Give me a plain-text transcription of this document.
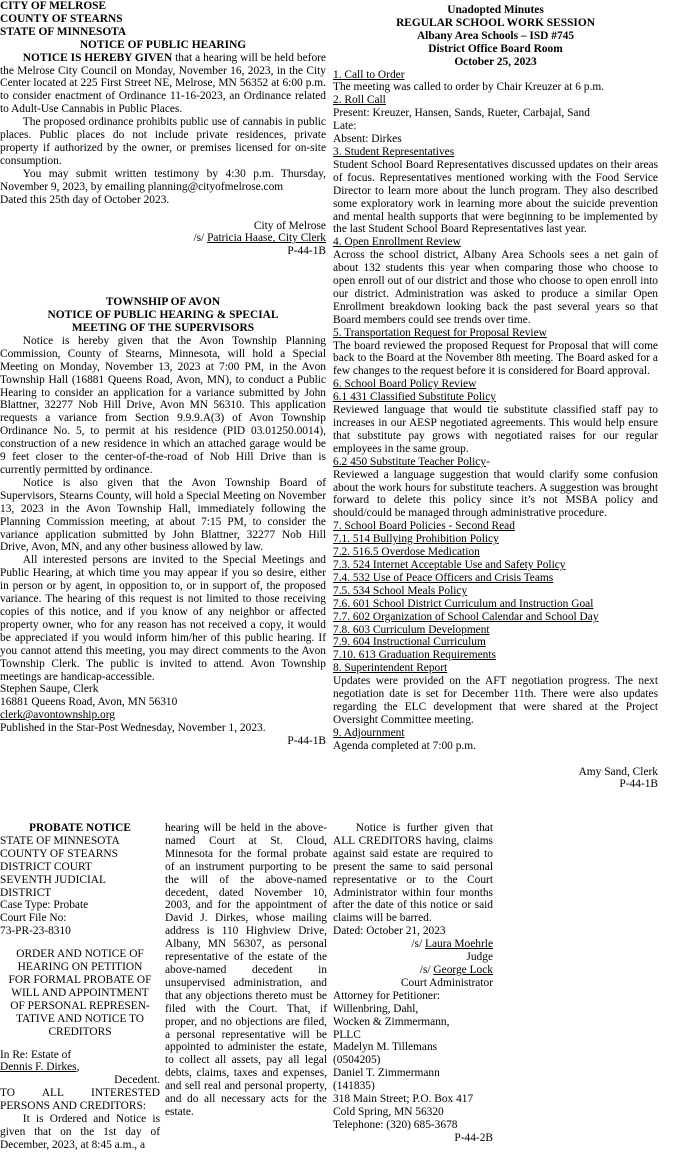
CITY OF MELROSE
COUNTY OF STEARNS
STATE OF MINNESOTA
NOTICE OF PUBLIC HEARING

NOTICE IS HEREBY GIVEN that a hearing will be held before the Melrose City Council on Monday, November 16, 2023, in the City Center located at 225 First Street NE, Melrose, MN 56352 at 6:00 p.m. to consider enactment of Ordinance 11-16-2023, an Ordinance related to Adult-Use Cannabis in Public Places.

The proposed ordinance prohibits public use of cannabis in public places. Public places do not include private residences, private property if authorized by the owner, or premises licensed for on-site consumption.

You may submit written testimony by 4:30 p.m. Thursday, November 9, 2023, by emailing planning@cityofmelrose.com

Dated this 25th day of October 2023.
City of Melrose
/s/ Patricia Haase, City Clerk
P-44-1B
TOWNSHIP OF AVON
NOTICE OF PUBLIC HEARING & SPECIAL
MEETING OF THE SUPERVISORS

Notice is hereby given that the Avon Township Planning Commission, County of Stearns, Minnesota, will hold a Special Meeting on Monday, November 13, 2023 at 7:00 PM, in the Avon Township Hall (16881 Queens Road, Avon, MN), to conduct a Public Hearing to consider an application for a variance submitted by John Blattner, 32277 Nob Hill Drive, Avon MN 56310. This application requests a variance from Section 9.9.9.A(3) of Avon Township Ordinance No. 5, to permit at his residence (PID 03.01250.0014), construction of a new residence in which an attached garage would be 9 feet closer to the center-of-the-road of Nob Hill Drive than is currently permitted by ordinance.

Notice is also given that the Avon Township Board of Supervisors, Stearns County, will hold a Special Meeting on November 13, 2023 in the Avon Township Hall, immediately following the Planning Commission meeting, at about 7:15 PM, to consider the variance application submitted by John Blattner, 32277 Nob Hill Drive, Avon, MN, and any other business allowed by law.

All interested persons are invited to the Special Meetings and Public Hearing, at which time you may appear if you so desire, either in person or by agent, in opposition to, or in support of, the proposed variance. The hearing of this request is not limited to those receiving copies of this notice, and if you know of any neighbor or affected property owner, who for any reason has not received a copy, it would be appreciated if you would inform him/her of this public hearing. If you cannot attend this meeting, you may direct comments to the Avon Township Clerk. The public is invited to attend. Avon Township meetings are handicap-accessible.

Stephen Saupe, Clerk
16881 Queens Road, Avon, MN 56310
clerk@avontownship.org
Published in the Star-Post Wednesday, November 1, 2023.
P-44-1B
Unadopted Minutes
REGULAR SCHOOL WORK SESSION
Albany Area Schools – ISD #745
District Office Board Room
October 25, 2023
1. Call to Order
The meeting was called to order by Chair Kreuzer at 6 p.m.
2. Roll Call
Present: Kreuzer, Hansen, Sands, Rueter, Carbajal, Sand
Late:
Absent: Dirkes
3. Student Representatives

Student School Board Representatives discussed updates on their areas of focus. Representatives mentioned working with the Food Service Director to learn more about the lunch program. They also described some exploratory work in learning more about the suicide prevention and mental health supports that were beginning to be implemented by the last Student School Board Representatives last year.

4. Open Enrollment Review

Across the school district, Albany Area Schools sees a net gain of about 132 students this year when comparing those who choose to open enroll out of our district and those who choose to open enroll into our district. Administration was asked to produce a similar Open Enrollment breakdown looking back the past several years so that Board members could see trends over time.

5. Transportation Request for Proposal Review

The board reviewed the proposed Request for Proposal that will come back to the Board at the November 8th meeting. The Board asked for a few changes to the request before it is considered for Board approval.

6. School Board Policy Review
6.1 431 Classified Substitute Policy

Reviewed language that would tie substitute classified staff pay to increases in our AESP negotiated agreements. This would help ensure that substitute pay grows with negotiated raises for our regular employees in the same group.

6.2 450 Substitute Teacher Policy-

Reviewed a language suggestion that would clarify some confusion about the work hours for substitute teachers. A suggestion was brought forward to delete this policy since it’s not MSBA policy and should/could be managed through administrative procedure.

7. School Board Policies - Second Read
7.1. 514 Bullying Prohibition Policy
7.2. 516.5 Overdose Medication
7.3. 524 Internet Acceptable Use and Safety Policy
7.4. 532 Use of Peace Officers and Crisis Teams
7.5. 534 School Meals Policy
7.6. 601 School District Curriculum and Instruction Goal
7.7. 602 Organization of School Calendar and School Day
7.8. 603 Curriculum Development
7.9. 604 Instructional Curriculum
7.10. 613 Graduation Requirements
8. Superintendent Report

Updates were provided on the AFT negotiation progress. The next negotiation date is set for December 11th. There were also updates regarding the ELC development that were shared at the Project Oversight Committee meeting.

9. Adjournment
Agenda completed at 7:00 p.m.
Amy Sand, Clerk
P-44-1B
PROBATE NOTICE
STATE OF MINNESOTA
COUNTY OF STEARNS
DISTRICT COURT
SEVENTH JUDICIAL
DISTRICT
Case Type: Probate
Court File No:
73-PR-23-8310
ORDER AND NOTICE OF
HEARING ON PETITION
FOR FORMAL PROBATE OF
WILL AND APPOINTMENT
OF PERSONAL REPRESEN-
TATIVE AND NOTICE TO
CREDITORS
In Re: Estate of
Dennis F. Dirkes,
Decedent.

TO ALL INTERESTED PERSONS AND CREDITORS:

It is Ordered and Notice is given that on the 1st day of December, 2023, at 8:45 a.m., a

hearing will be held in the above-named Court at St. Cloud, Minnesota for the formal probate of an instrument purporting to be the will of the above-named decedent, dated November 10, 2003, and for the appointment of David J. Dirkes, whose mailing address is 110 Highview Drive, Albany, MN 56307, as personal representative of the estate of the above-named decedent in unsupervised administration, and that any objections thereto must be filed with the Court. That, if proper, and no objections are filed, a personal representative will be appointed to administer the estate, to collect all assets, pay all legal debts, claims, taxes and expenses, and sell real and personal property, and do all necessary acts for the estate.

Notice is further given that ALL CREDITORS having, claims against said estate are required to present the same to said personal representative or to the Court Administrator within four months after the date of this notice or said claims will be barred.

Dated: October 21, 2023
/s/ Laura Moehrle
Judge
/s/ George Lock
Court Administrator
Attorney for Petitioner:
Willenbring, Dahl,
Wocken & Zimmermann,
PLLC
Madelyn M. Tillemans
(0504205)
Daniel T. Zimmermann
(141835)
318 Main Street; P.O. Box 417
Cold Spring, MN 56320
Telephone: (320) 685-3678
P-44-2B
